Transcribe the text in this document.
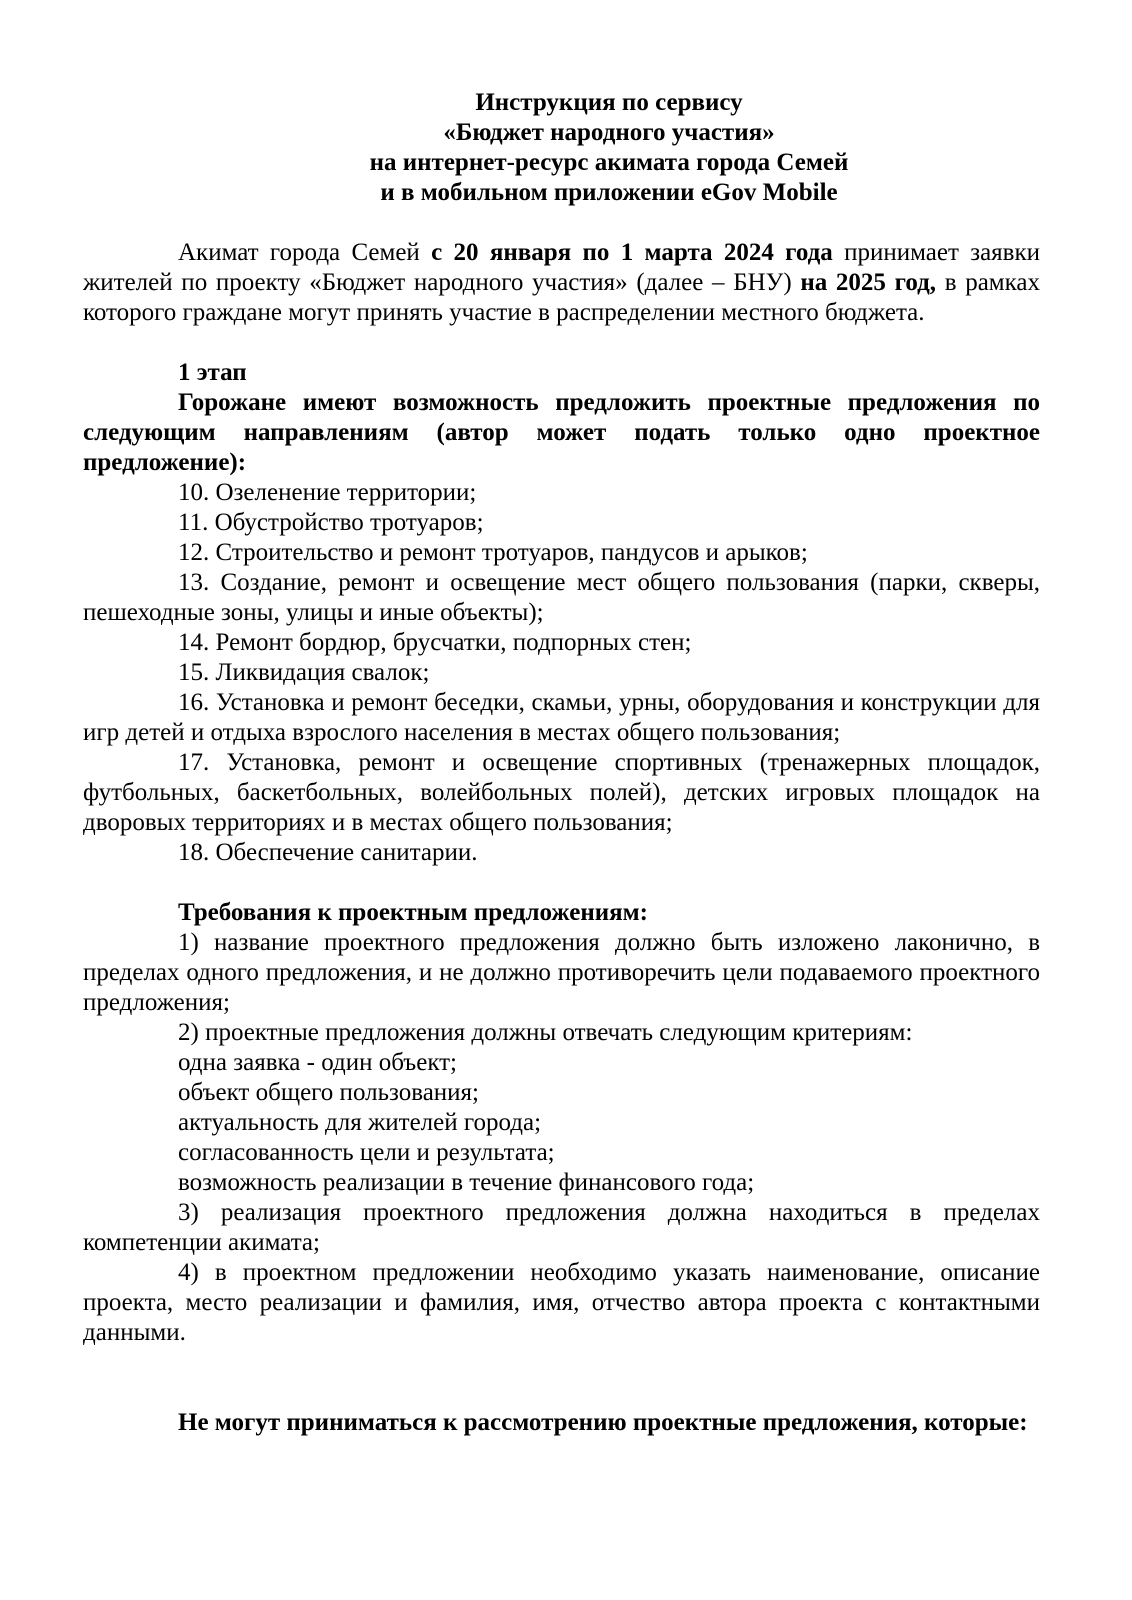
Инструкция по сервису

«Бюджет народного участия»

на интернет-ресурс акимата города Семей

и в мобильном приложении eGov Mobile

Акимат города Семей с 20 января по 1 марта 2024 года принимает заявки жителей по проекту «Бюджет народного участия» (далее – БНУ) на 2025 год, в рамках которого граждане могут принять участие в распределении местного бюджета.

1 этап

Горожане имеют возможность предложить проектные предложения по следующим направлениям (автор может подать только одно проектное предложение):

10. Озеленение территории;

11. Обустройство тротуаров;

12. Строительство и ремонт тротуаров, пандусов и арыков;

13. Создание, ремонт и освещение мест общего пользования (парки, скверы, пешеходные зоны, улицы и иные объекты);

14. Ремонт бордюр, брусчатки, подпорных стен;

15. Ликвидация свалок;

16. Установка и ремонт беседки, скамьи, урны, оборудования и конструкции для игр детей и отдыха взрослого населения в местах общего пользования;

17. Установка, ремонт и освещение спортивных (тренажерных площадок, футбольных, баскетбольных, волейбольных полей), детских игровых площадок на дворовых территориях и в местах общего пользования;

18. Обеспечение санитарии.

Требования к проектным предложениям:

1) название проектного предложения должно быть изложено лаконично, в пределах одного предложения, и не должно противоречить цели подаваемого проектного предложения;

2) проектные предложения должны отвечать следующим критериям:

одна заявка - один объект;

объект общего пользования;

актуальность для жителей города;

согласованность цели и результата;

возможность реализации в течение финансового года;

3) реализация проектного предложения должна находиться в пределах компетенции акимата;

4) в проектном предложении необходимо указать наименование, описание проекта, место реализации и фамилия, имя, отчество автора проекта с контактными данными.

Не могут приниматься к рассмотрению проектные предложения, которые:
